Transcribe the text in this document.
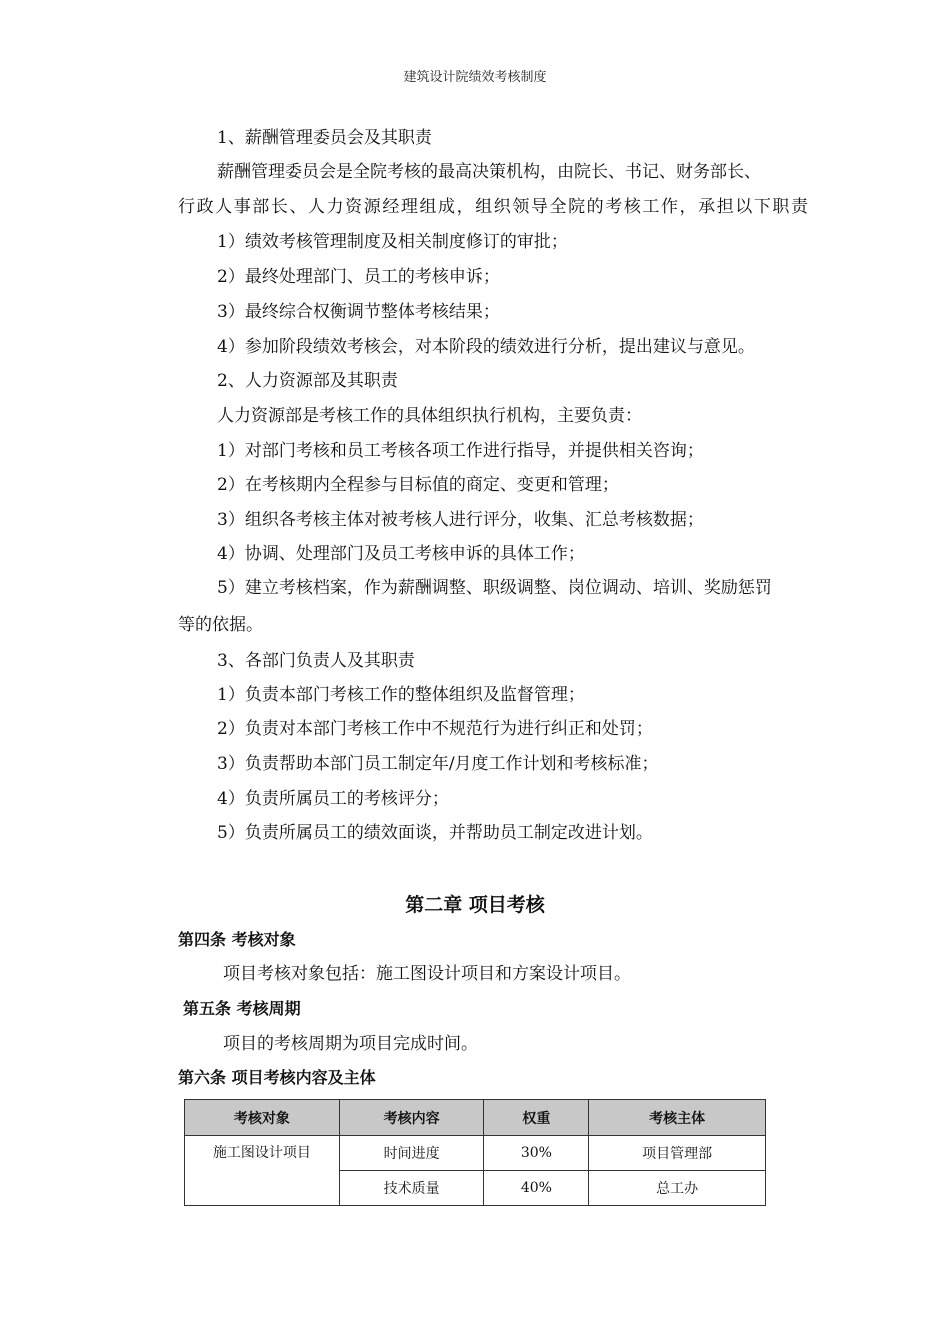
建筑设计院绩效考核制度
1、薪酬管理委员会及其职责
薪酬管理委员会是全院考核的最高决策机构，由院长、书记、财务部长、
行政人事部长、人力资源经理组成，组织领导全院的考核工作，承担以下职责
1）绩效考核管理制度及相关制度修订的审批；
2）最终处理部门、员工的考核申诉；
3）最终综合权衡调节整体考核结果；
4）参加阶段绩效考核会，对本阶段的绩效进行分析，提出建议与意见。
2、人力资源部及其职责
人力资源部是考核工作的具体组织执行机构，主要负责：
1）对部门考核和员工考核各项工作进行指导，并提供相关咨询；
2）在考核期内全程参与目标值的商定、变更和管理；
3）组织各考核主体对被考核人进行评分，收集、汇总考核数据；
4）协调、处理部门及员工考核申诉的具体工作；
5）建立考核档案，作为薪酬调整、职级调整、岗位调动、培训、奖励惩罚
等的依据。
3、各部门负责人及其职责
1）负责本部门考核工作的整体组织及监督管理；
2）负责对本部门考核工作中不规范行为进行纠正和处罚；
3）负责帮助本部门员工制定年/月度工作计划和考核标准；
4）负责所属员工的考核评分；
5）负责所属员工的绩效面谈，并帮助员工制定改进计划。
第二章 项目考核
第四条 考核对象
项目考核对象包括：施工图设计项目和方案设计项目。
第五条 考核周期
项目的考核周期为项目完成时间。
第六条 项目考核内容及主体
考核对象	考核内容	权重	考核主体
施工图设计项目	时间进度	30%	项目管理部
	技术质量	40%	总工办
